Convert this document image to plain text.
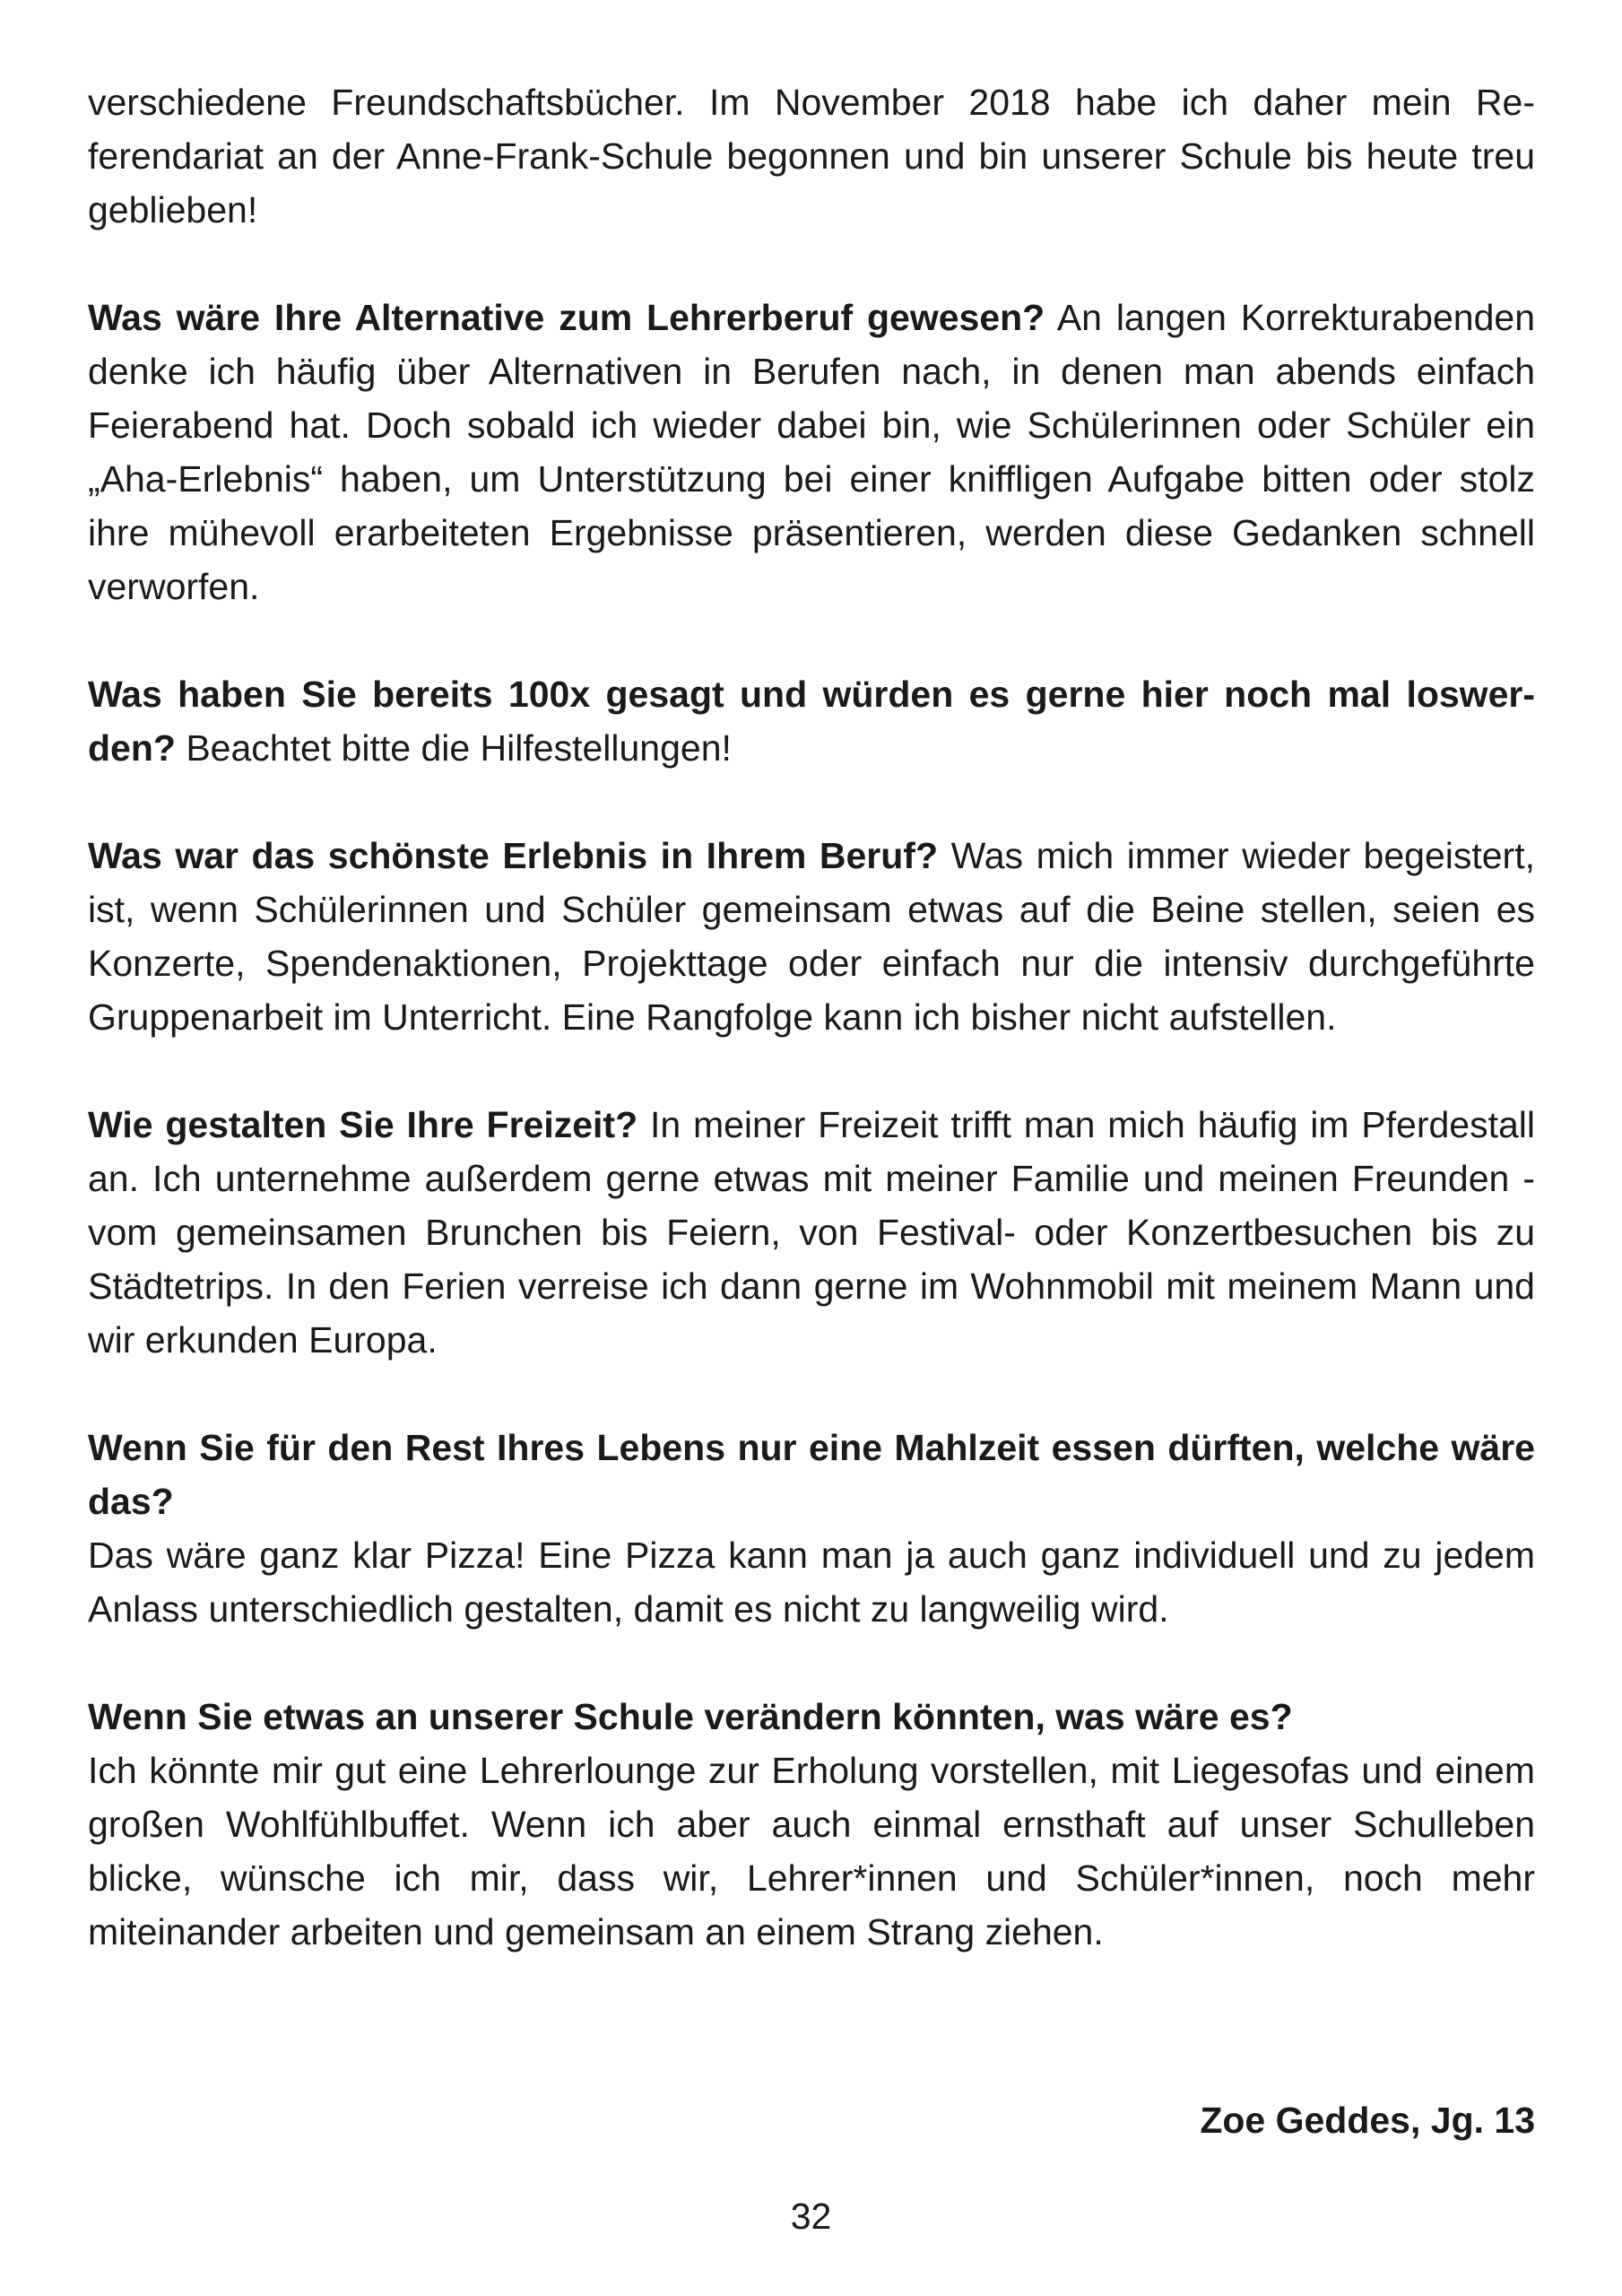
verschiedene Freundschaftsbücher. Im November 2018 habe ich daher mein Referendariat an der Anne-Frank-Schule begonnen und bin unserer Schule bis heute treu geblieben!

Was wäre Ihre Alternative zum Lehrerberuf gewesen? An langen Korrekturabenden denke ich häufig über Alternativen in Berufen nach, in denen man abends einfach Feierabend hat. Doch sobald ich wieder dabei bin, wie Schülerinnen oder Schüler ein „Aha-Erlebnis“ haben, um Unterstützung bei einer kniffligen Aufgabe bitten oder stolz ihre mühevoll erarbeiteten Ergebnisse präsentieren, werden diese Gedanken schnell verworfen.

Was haben Sie bereits 100x gesagt und würden es gerne hier noch mal loswerden? Beachtet bitte die Hilfestellungen!

Was war das schönste Erlebnis in Ihrem Beruf? Was mich immer wieder begeistert, ist, wenn Schülerinnen und Schüler gemeinsam etwas auf die Beine stellen, seien es Konzerte, Spendenaktionen, Projekttage oder einfach nur die intensiv durchgeführte Gruppenarbeit im Unterricht. Eine Rangfolge kann ich bisher nicht aufstellen.

Wie gestalten Sie Ihre Freizeit? In meiner Freizeit trifft man mich häufig im Pferdestall an. Ich unternehme außerdem gerne etwas mit meiner Familie und meinen Freunden - vom gemeinsamen Brunchen bis Feiern, von Festival- oder Konzertbesuchen bis zu Städtetrips. In den Ferien verreise ich dann gerne im Wohnmobil mit meinem Mann und wir erkunden Europa.

Wenn Sie für den Rest Ihres Lebens nur eine Mahlzeit essen dürften, welche wäre das?
Das wäre ganz klar Pizza! Eine Pizza kann man ja auch ganz individuell und zu jedem Anlass unterschiedlich gestalten, damit es nicht zu langweilig wird.
Wenn Sie etwas an unserer Schule verändern könnten, was wäre es?
Ich könnte mir gut eine Lehrerlounge zur Erholung vorstellen, mit Liegesofas und einem großen Wohlfühlbuffet. Wenn ich aber auch einmal ernsthaft auf unser Schulleben blicke, wünsche ich mir, dass wir, Lehrer*innen und Schüler*innen, noch mehr miteinander arbeiten und gemeinsam an einem Strang ziehen.
Zoe Geddes, Jg. 13
32
